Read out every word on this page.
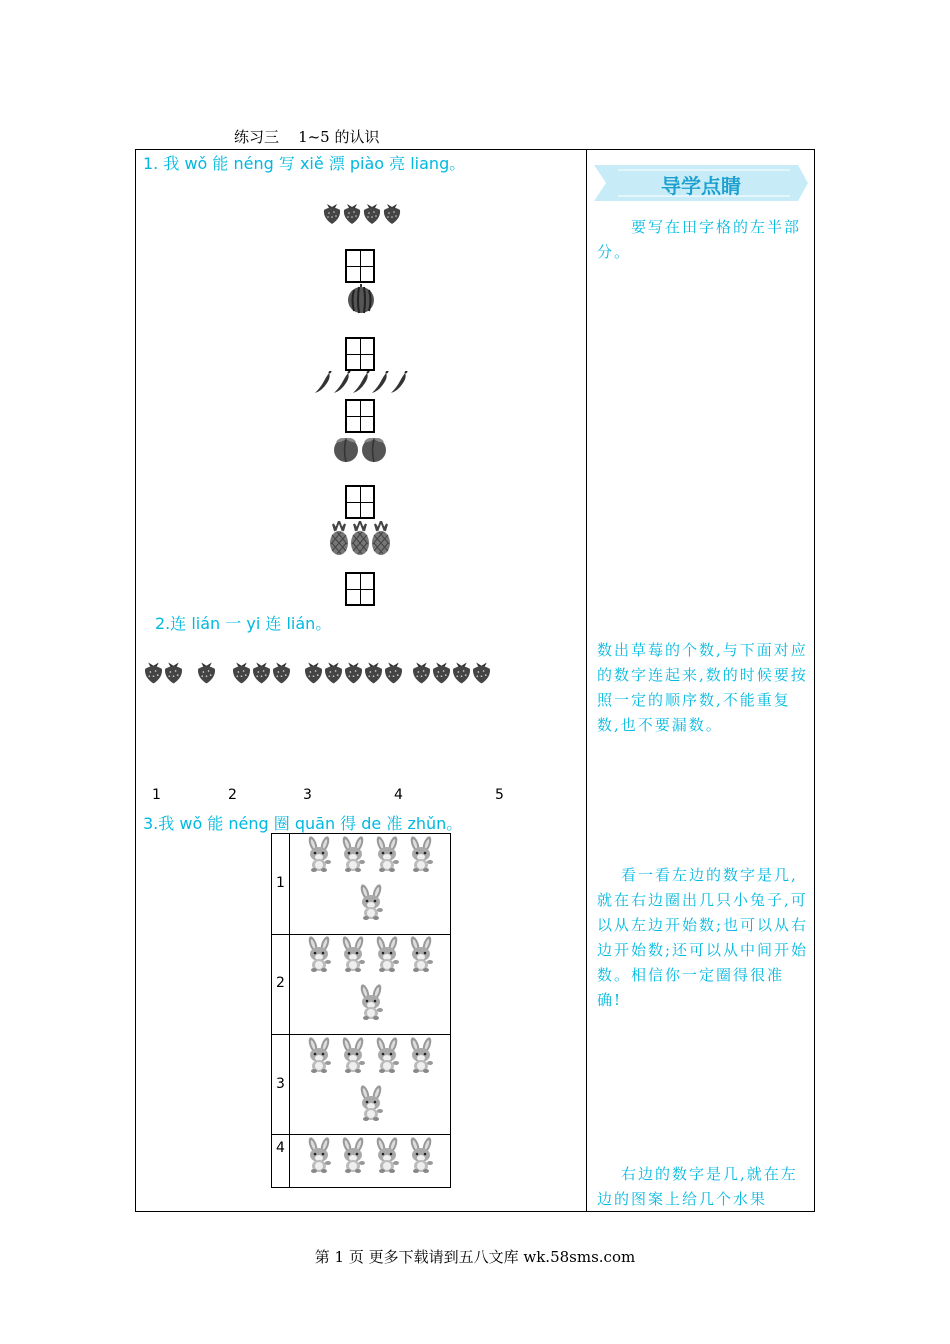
练习三    1~5 的认识
1. 我 wǒ 能 néng 写 xiě 漂 piào 亮 liang。
2.连 lián 一 yi 连 lián。
1	2	3	4	5
3.我 wǒ 能 néng 圈 quān 得 de 准 zhǔn。
1
2
3
4
导学点睛
要写在田字格的左半部分。
数出草莓的个数,与下面对应的数字连起来,数的时候要按照一定的顺序数,不能重复数,也不要漏数。
看一看左边的数字是几,就在右边圈出几只小兔子,可以从左边开始数;也可以从右边开始数;还可以从中间开始数。相信你一定圈得很准确!
右边的数字是几,就在左边的图案上给几个水果
第 1 页 更多下载请到五八文库 wk.58sms.com
